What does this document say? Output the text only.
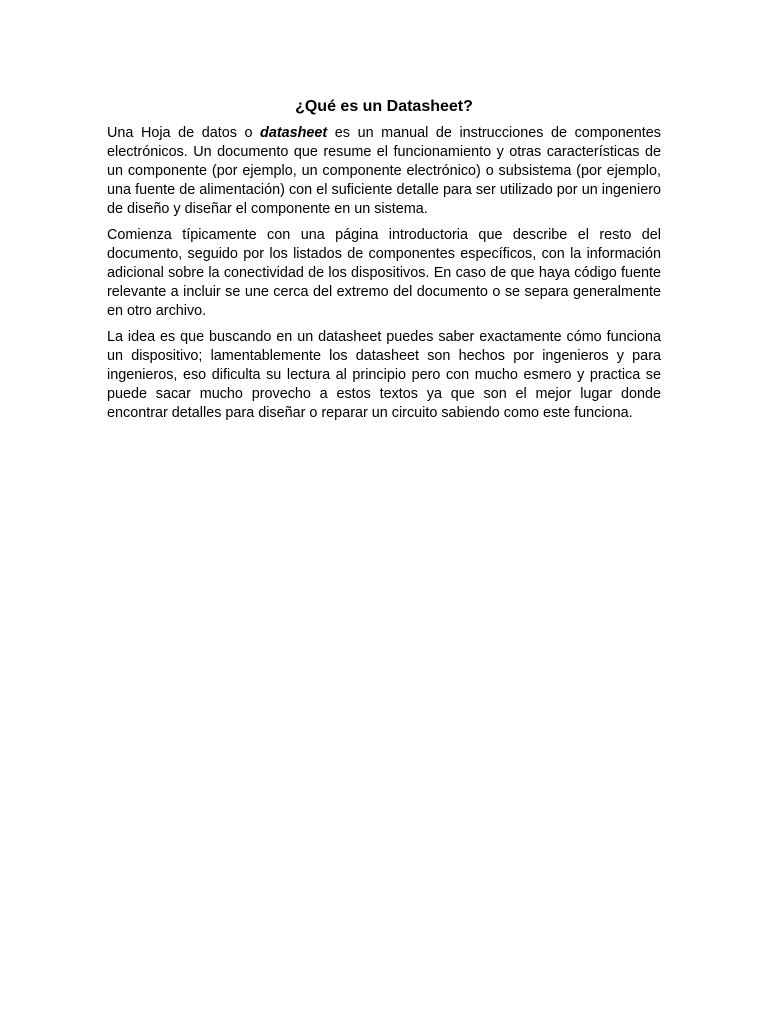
¿Qué es un Datasheet?

Una Hoja de datos o datasheet es un manual de instrucciones de componentes electrónicos. Un documento que resume el funcionamiento y otras características de un componente (por ejemplo, un componente electrónico) o subsistema (por ejemplo, una fuente de alimentación) con el suficiente detalle para ser utilizado por un ingeniero de diseño y diseñar el componente en un sistema.

Comienza típicamente con una página introductoria que describe el resto del documento, seguido por los listados de componentes específicos, con la información adicional sobre la conectividad de los dispositivos. En caso de que haya código fuente relevante a incluir se une cerca del extremo del documento o se separa generalmente en otro archivo.

La idea es que buscando en un datasheet puedes saber exactamente cómo funciona un dispositivo; lamentablemente los datasheet son hechos por ingenieros y para ingenieros, eso dificulta su lectura al principio pero con mucho esmero y practica se puede sacar mucho provecho a estos textos ya que son el mejor lugar donde encontrar detalles para diseñar o reparar un circuito sabiendo como este funciona.
